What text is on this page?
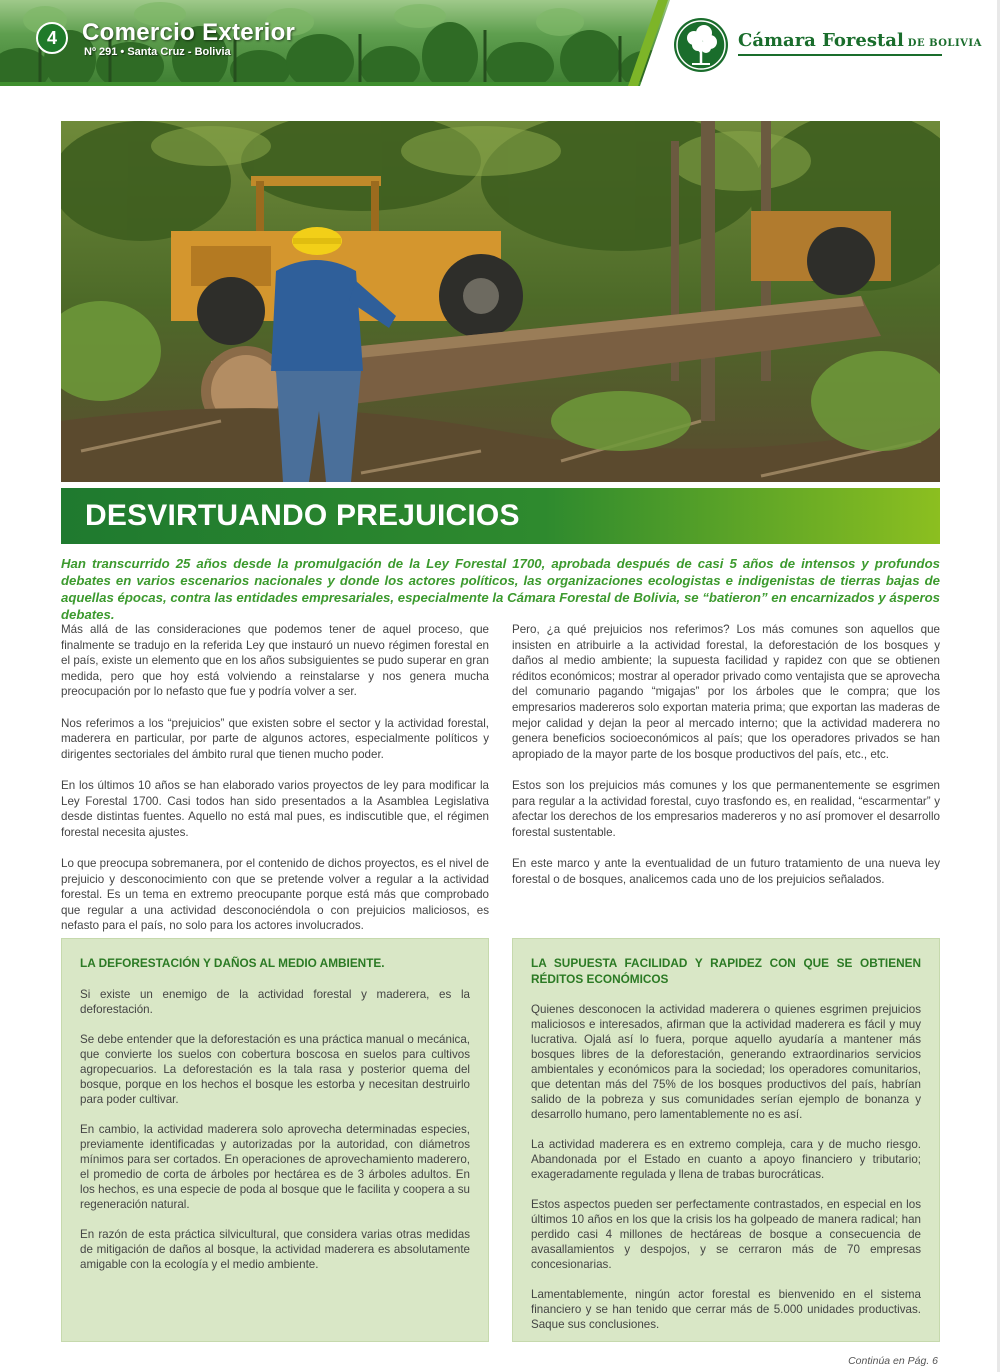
4	Comercio Exterior
Nº 291 • Santa Cruz - Bolivia
Cámara Forestal DE BOLIVIA
DESVIRTUANDO PREJUICIOS

Han transcurrido 25 años desde la promulgación de la Ley Forestal 1700, aprobada después de casi 5 años de intensos y profundos debates en varios escenarios nacionales y donde los actores políticos, las organizaciones ecologistas e indigenistas de tierras bajas de aquellas épocas, contra las entidades empresariales, especialmente la Cámara Forestal de Bolivia, se “batieron” en encarnizados y ásperos debates.

Más allá de las consideraciones que podemos tener de aquel proceso, que finalmente se tradujo en la referida Ley que instauró un nuevo régimen forestal en el país, existe un elemento que en los años subsiguientes se pudo superar en gran medida, pero que hoy está volviendo a reinstalarse y nos genera mucha preocupación por lo nefasto que fue y podría volver a ser.

Nos referimos a los “prejuicios” que existen sobre el sector y la actividad forestal, maderera en particular, por parte de algunos actores, especialmente políticos y dirigentes sectoriales del ámbito rural que tienen mucho poder.

En los últimos 10 años se han elaborado varios proyectos de ley para modificar la Ley Forestal 1700. Casi todos han sido presentados a la Asamblea Legislativa desde distintas fuentes. Aquello no está mal pues, es indiscutible que, el régimen forestal necesita ajustes.

Lo que preocupa sobremanera, por el contenido de dichos proyectos, es el nivel de prejuicio y desconocimiento con que se pretende volver a regular a la actividad forestal. Es un tema en extremo preocupante porque está más que comprobado que regular a una actividad desconociéndola o con prejuicios maliciosos, es nefasto para el país, no solo para los actores involucrados.

Pero, ¿a qué prejuicios nos referimos? Los más comunes son aquellos que insisten en atribuirle a la actividad forestal, la deforestación de los bosques y daños al medio ambiente; la supuesta facilidad y rapidez con que se obtienen réditos económicos; mostrar al operador privado como ventajista que se aprovecha del comunario pagando “migajas” por los árboles que le compra; que los empresarios madereros solo exportan materia prima; que exportan las maderas de mejor calidad y dejan la peor al mercado interno; que la actividad maderera no genera beneficios socioeconómicos al país; que los operadores privados se han apropiado de la mayor parte de los bosque productivos del país, etc., etc.

Estos son los prejuicios más comunes y los que permanentemente se esgrimen para regular a la actividad forestal, cuyo trasfondo es, en realidad, “escarmentar” y afectar los derechos de los empresarios madereros y no así promover el desarrollo forestal sustentable.

En este marco y ante la eventualidad de un futuro tratamiento de una nueva ley forestal o de bosques, analicemos cada uno de los prejuicios señalados.

LA DEFORESTACIÓN Y DAÑOS AL MEDIO AMBIENTE.

Si existe un enemigo de la actividad forestal y maderera, es la deforestación.

Se debe entender que la deforestación es una práctica manual o mecánica, que convierte los suelos con cobertura boscosa en suelos para cultivos agropecuarios. La deforestación es la tala rasa y posterior quema del bosque, porque en los hechos el bosque les estorba y necesitan destruirlo para poder cultivar.

En cambio, la actividad maderera solo aprovecha determinadas especies, previamente identificadas y autorizadas por la autoridad, con diámetros mínimos para ser cortados. En operaciones de aprovechamiento maderero, el promedio de corta de árboles por hectárea es de 3 árboles adultos. En los hechos, es una especie de poda al bosque que le facilita y coopera a su regeneración natural.

En razón de esta práctica silvicultural, que considera varias otras medidas de mitigación de daños al bosque, la actividad maderera es absolutamente amigable con la ecología y el medio ambiente.

LA SUPUESTA FACILIDAD Y RAPIDEZ CON QUE SE OBTIENEN RÉDITOS ECONÓMICOS

Quienes desconocen la actividad maderera o quienes esgrimen prejuicios maliciosos e interesados, afirman que la actividad maderera es fácil y muy lucrativa. Ojalá así lo fuera, porque aquello ayudaría a mantener más bosques libres de la deforestación, generando extraordinarios servicios ambientales y económicos para la sociedad; los operadores comunitarios, que detentan más del 75% de los bosques productivos del país, habrían salido de la pobreza y sus comunidades serían ejemplo de bonanza y desarrollo humano, pero lamentablemente no es así.

La actividad maderera es en extremo compleja, cara y de mucho riesgo. Abandonada por el Estado en cuanto a apoyo financiero y tributario; exageradamente regulada y llena de trabas burocráticas.

Estos aspectos pueden ser perfectamente contrastados, en especial en los últimos 10 años en los que la crisis los ha golpeado de manera radical; han perdido casi 4 millones de hectáreas de bosque a consecuencia de avasallamientos y despojos, y se cerraron más de 70 empresas concesionarias.

Lamentablemente, ningún actor forestal es bienvenido en el sistema financiero y se han tenido que cerrar más de 5.000 unidades productivas. Saque sus conclusiones.

Continúa en Pág. 6
